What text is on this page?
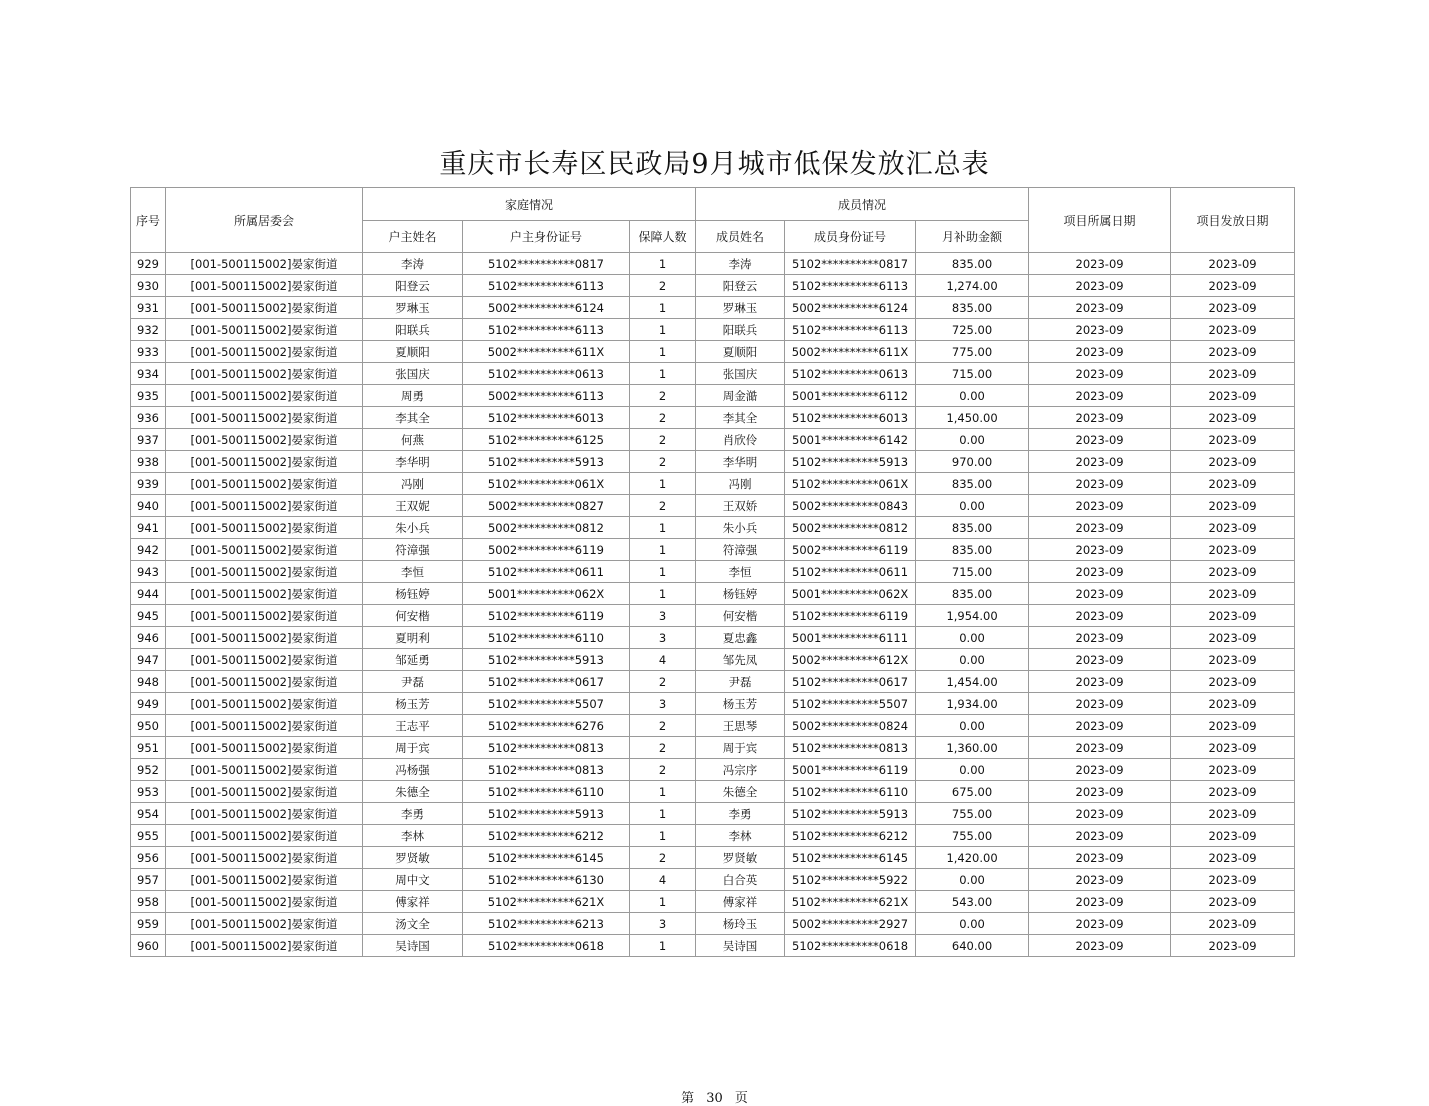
重庆市长寿区民政局9月城市低保发放汇总表
序号	所属居委会	家庭情况			成员情况			项目所属日期	项目发放日期
		户主姓名	户主身份证号	保障人数	成员姓名	成员身份证号	月补助金额		
929	[001-500115002]晏家街道	李涛	5102**********0817	1	李涛	5102**********0817	835.00	2023-09	2023-09
930	[001-500115002]晏家街道	阳登云	5102**********6113	2	阳登云	5102**********6113	1,274.00	2023-09	2023-09
931	[001-500115002]晏家街道	罗琳玉	5002**********6124	1	罗琳玉	5002**********6124	835.00	2023-09	2023-09
932	[001-500115002]晏家街道	阳联兵	5102**********6113	1	阳联兵	5102**********6113	725.00	2023-09	2023-09
933	[001-500115002]晏家街道	夏顺阳	5002**********611X	1	夏顺阳	5002**********611X	775.00	2023-09	2023-09
934	[001-500115002]晏家街道	张国庆	5102**********0613	1	张国庆	5102**********0613	715.00	2023-09	2023-09
935	[001-500115002]晏家街道	周勇	5002**********6113	2	周金澔	5001**********6112	0.00	2023-09	2023-09
936	[001-500115002]晏家街道	李其全	5102**********6013	2	李其全	5102**********6013	1,450.00	2023-09	2023-09
937	[001-500115002]晏家街道	何燕	5102**********6125	2	肖欣伶	5001**********6142	0.00	2023-09	2023-09
938	[001-500115002]晏家街道	李华明	5102**********5913	2	李华明	5102**********5913	970.00	2023-09	2023-09
939	[001-500115002]晏家街道	冯刚	5102**********061X	1	冯刚	5102**********061X	835.00	2023-09	2023-09
940	[001-500115002]晏家街道	王双妮	5002**********0827	2	王双娇	5002**********0843	0.00	2023-09	2023-09
941	[001-500115002]晏家街道	朱小兵	5002**********0812	1	朱小兵	5002**********0812	835.00	2023-09	2023-09
942	[001-500115002]晏家街道	符漳强	5002**********6119	1	符漳强	5002**********6119	835.00	2023-09	2023-09
943	[001-500115002]晏家街道	李恒	5102**********0611	1	李恒	5102**********0611	715.00	2023-09	2023-09
944	[001-500115002]晏家街道	杨钰婷	5001**********062X	1	杨钰婷	5001**********062X	835.00	2023-09	2023-09
945	[001-500115002]晏家街道	何安楷	5102**********6119	3	何安楷	5102**********6119	1,954.00	2023-09	2023-09
946	[001-500115002]晏家街道	夏明利	5102**********6110	3	夏忠鑫	5001**********6111	0.00	2023-09	2023-09
947	[001-500115002]晏家街道	邹延勇	5102**********5913	4	邹先凤	5002**********612X	0.00	2023-09	2023-09
948	[001-500115002]晏家街道	尹磊	5102**********0617	2	尹磊	5102**********0617	1,454.00	2023-09	2023-09
949	[001-500115002]晏家街道	杨玉芳	5102**********5507	3	杨玉芳	5102**********5507	1,934.00	2023-09	2023-09
950	[001-500115002]晏家街道	王志平	5102**********6276	2	王思琴	5002**********0824	0.00	2023-09	2023-09
951	[001-500115002]晏家街道	周于宾	5102**********0813	2	周于宾	5102**********0813	1,360.00	2023-09	2023-09
952	[001-500115002]晏家街道	冯杨强	5102**********0813	2	冯宗序	5001**********6119	0.00	2023-09	2023-09
953	[001-500115002]晏家街道	朱德全	5102**********6110	1	朱德全	5102**********6110	675.00	2023-09	2023-09
954	[001-500115002]晏家街道	李勇	5102**********5913	1	李勇	5102**********5913	755.00	2023-09	2023-09
955	[001-500115002]晏家街道	李林	5102**********6212	1	李林	5102**********6212	755.00	2023-09	2023-09
956	[001-500115002]晏家街道	罗贤敏	5102**********6145	2	罗贤敏	5102**********6145	1,420.00	2023-09	2023-09
957	[001-500115002]晏家街道	周中文	5102**********6130	4	白合英	5102**********5922	0.00	2023-09	2023-09
958	[001-500115002]晏家街道	傅家祥	5102**********621X	1	傅家祥	5102**********621X	543.00	2023-09	2023-09
959	[001-500115002]晏家街道	汤文全	5102**********6213	3	杨玲玉	5002**********2927	0.00	2023-09	2023-09
960	[001-500115002]晏家街道	吴诗国	5102**********0618	1	吴诗国	5102**********0618	640.00	2023-09	2023-09
第 30 页
